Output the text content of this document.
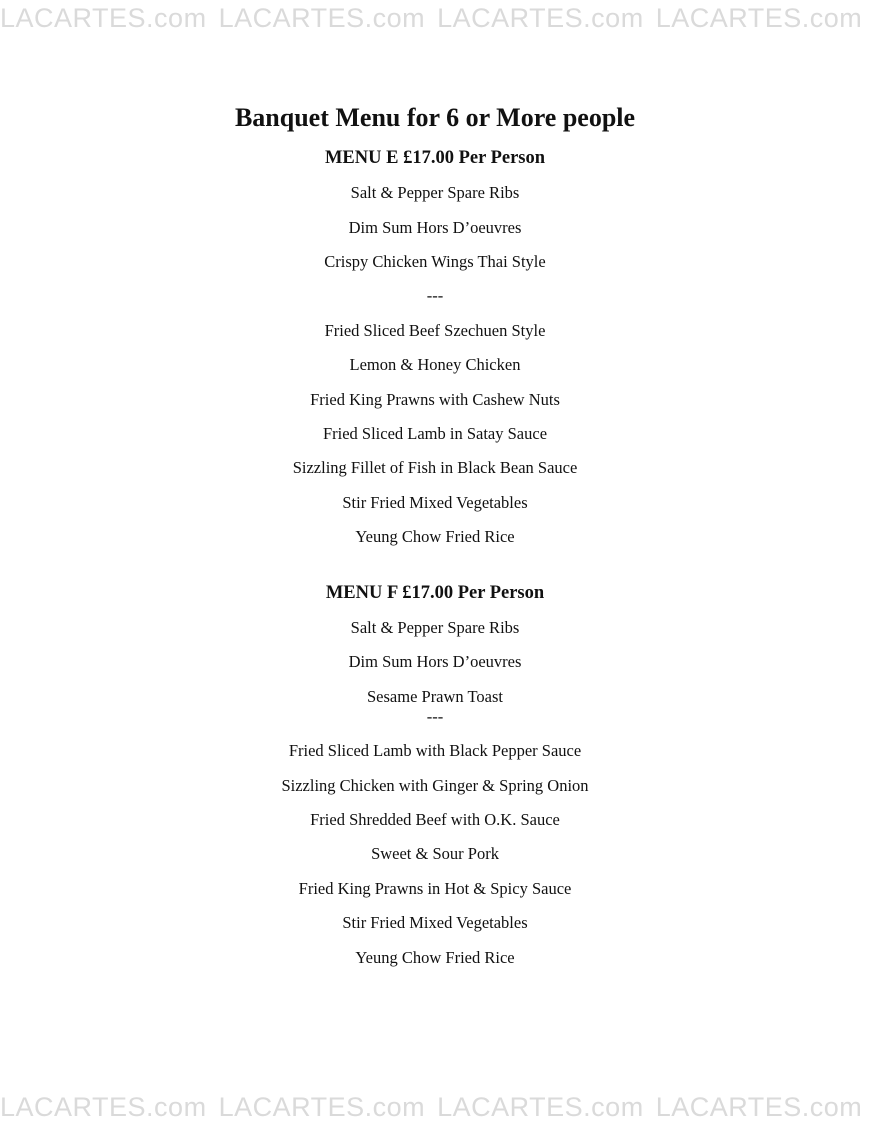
LACARTES.com LACARTES.com LACARTES.com LACARTES.com
Banquet Menu for 6 or More people
MENU E £17.00 Per Person

Salt & Pepper Spare Ribs

Dim Sum Hors D’oeuvres

Crispy Chicken Wings Thai Style

---

Fried Sliced Beef Szechuen Style

Lemon & Honey Chicken

Fried King Prawns with Cashew Nuts

Fried Sliced Lamb in Satay Sauce

Sizzling Fillet of Fish in Black Bean Sauce

Stir Fried Mixed Vegetables

Yeung Chow Fried Rice

MENU F £17.00 Per Person

Salt & Pepper Spare Ribs

Dim Sum Hors D’oeuvres

Sesame Prawn Toast

---

Fried Sliced Lamb with Black Pepper Sauce

Sizzling Chicken with Ginger & Spring Onion

Fried Shredded Beef with O.K. Sauce

Sweet & Sour Pork

Fried King Prawns in Hot & Spicy Sauce

Stir Fried Mixed Vegetables

Yeung Chow Fried Rice

LACARTES.com LACARTES.com LACARTES.com LACARTES.com
